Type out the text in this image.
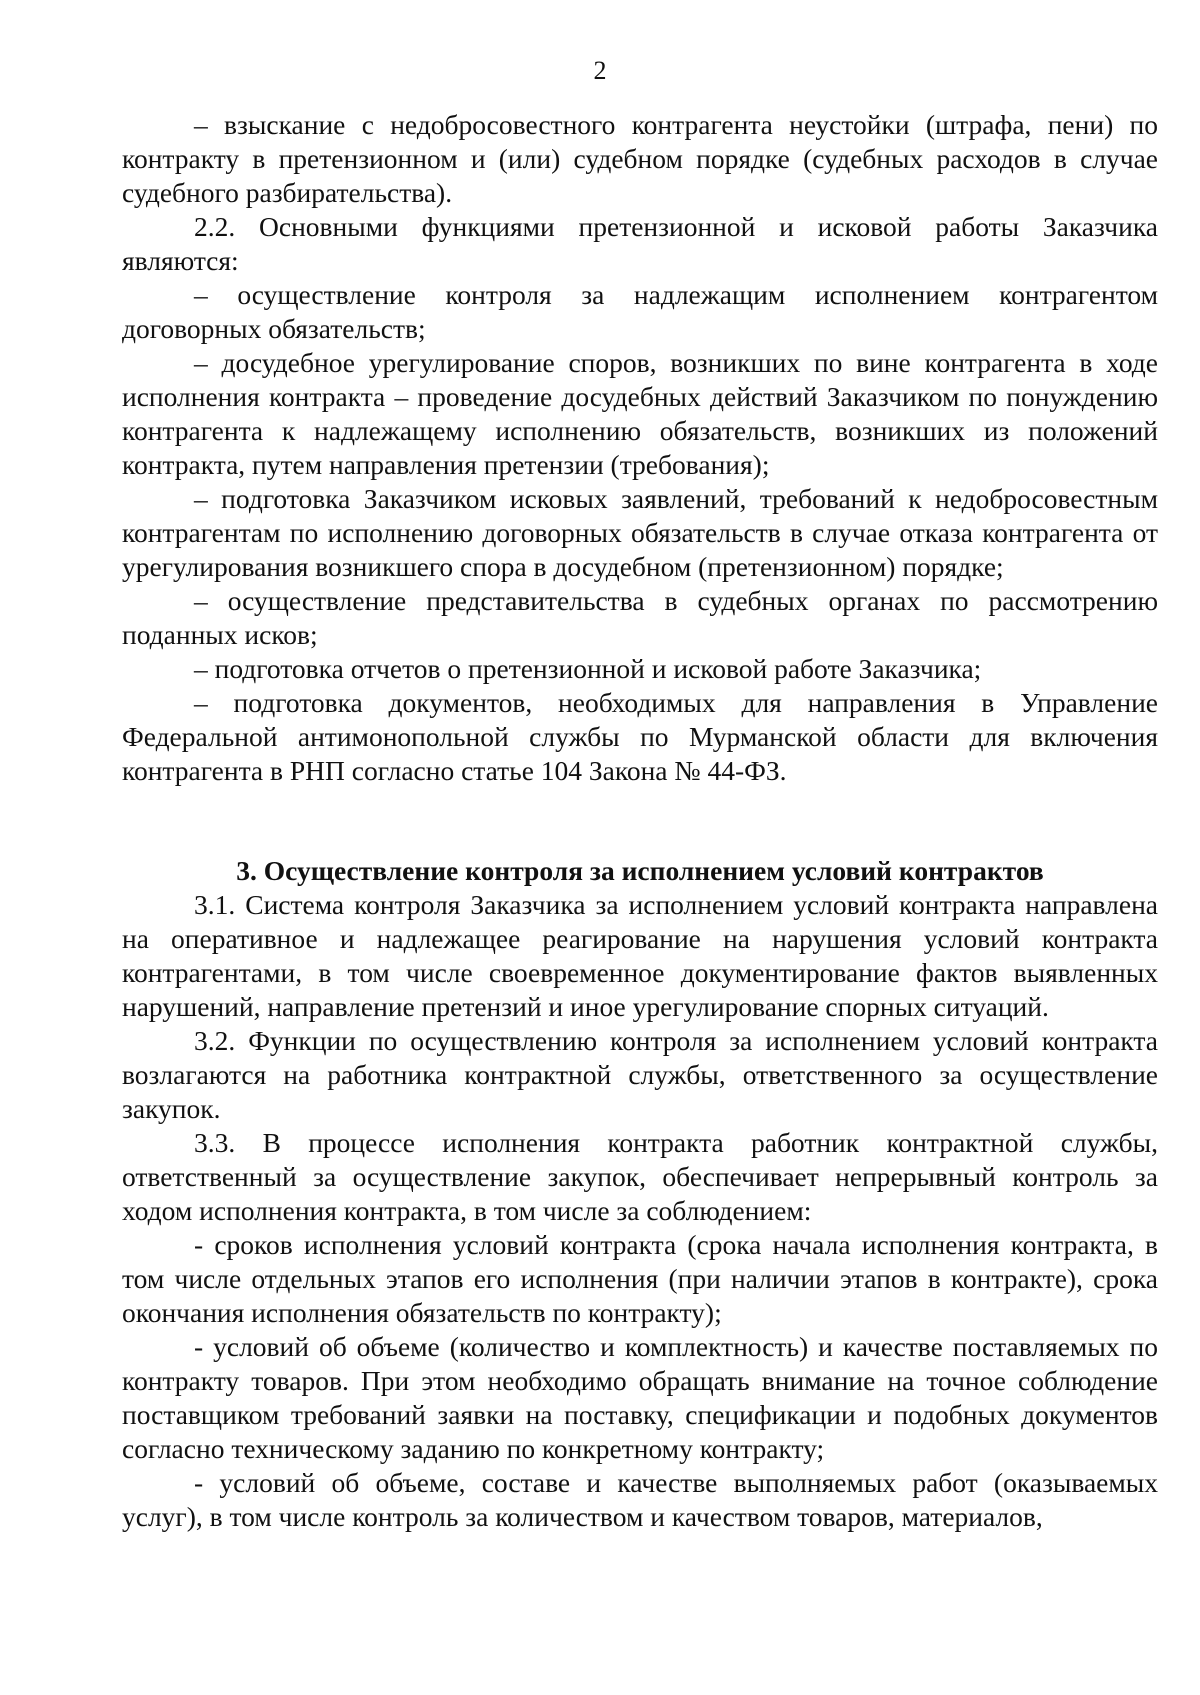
2

– взыскание с недобросовестного контрагента неустойки (штрафа, пени) по контракту в претензионном и (или) судебном порядке (судебных расходов в случае судебного разбирательства).

2.2. Основными функциями претензионной и исковой работы Заказчика являются:

– осуществление контроля за надлежащим исполнением контрагентом договорных обязательств;

– досудебное урегулирование споров, возникших по вине контрагента в ходе исполнения контракта – проведение досудебных действий Заказчиком по понуждению контрагента к надлежащему исполнению обязательств, возникших из положений контракта, путем направления претензии (требования);

– подготовка Заказчиком исковых заявлений, требований к недобросовестным контрагентам по исполнению договорных обязательств в случае отказа контрагента от урегулирования возникшего спора в досудебном (претензионном) порядке;

– осуществление представительства в судебных органах по рассмотрению поданных исков;

– подготовка отчетов о претензионной и исковой работе Заказчика;

– подготовка документов, необходимых для направления в Управление Федеральной антимонопольной службы по Мурманской области для включения контрагента в РНП согласно статье 104 Закона № 44-ФЗ.

3. Осуществление контроля за исполнением условий контрактов

3.1. Система контроля Заказчика за исполнением условий контракта направлена на оперативное и надлежащее реагирование на нарушения условий контракта контрагентами, в том числе своевременное документирование фактов выявленных нарушений, направление претензий и иное урегулирование спорных ситуаций.

3.2. Функции по осуществлению контроля за исполнением условий контракта возлагаются на работника контрактной службы, ответственного за осуществление закупок.

3.3. В процессе исполнения контракта работник контрактной службы, ответственный за осуществление закупок, обеспечивает непрерывный контроль за ходом исполнения контракта, в том числе за соблюдением:

- сроков исполнения условий контракта (срока начала исполнения контракта, в том числе отдельных этапов его исполнения (при наличии этапов в контракте), срока окончания исполнения обязательств по контракту);

- условий об объеме (количество и комплектность) и качестве поставляемых по контракту товаров. При этом необходимо обращать внимание на точное соблюдение поставщиком требований заявки на поставку, спецификации и подобных документов согласно техническому заданию по конкретному контракту;

- условий об объеме, составе и качестве выполняемых работ (оказываемых услуг), в том числе контроль за количеством и качеством товаров, материалов,
